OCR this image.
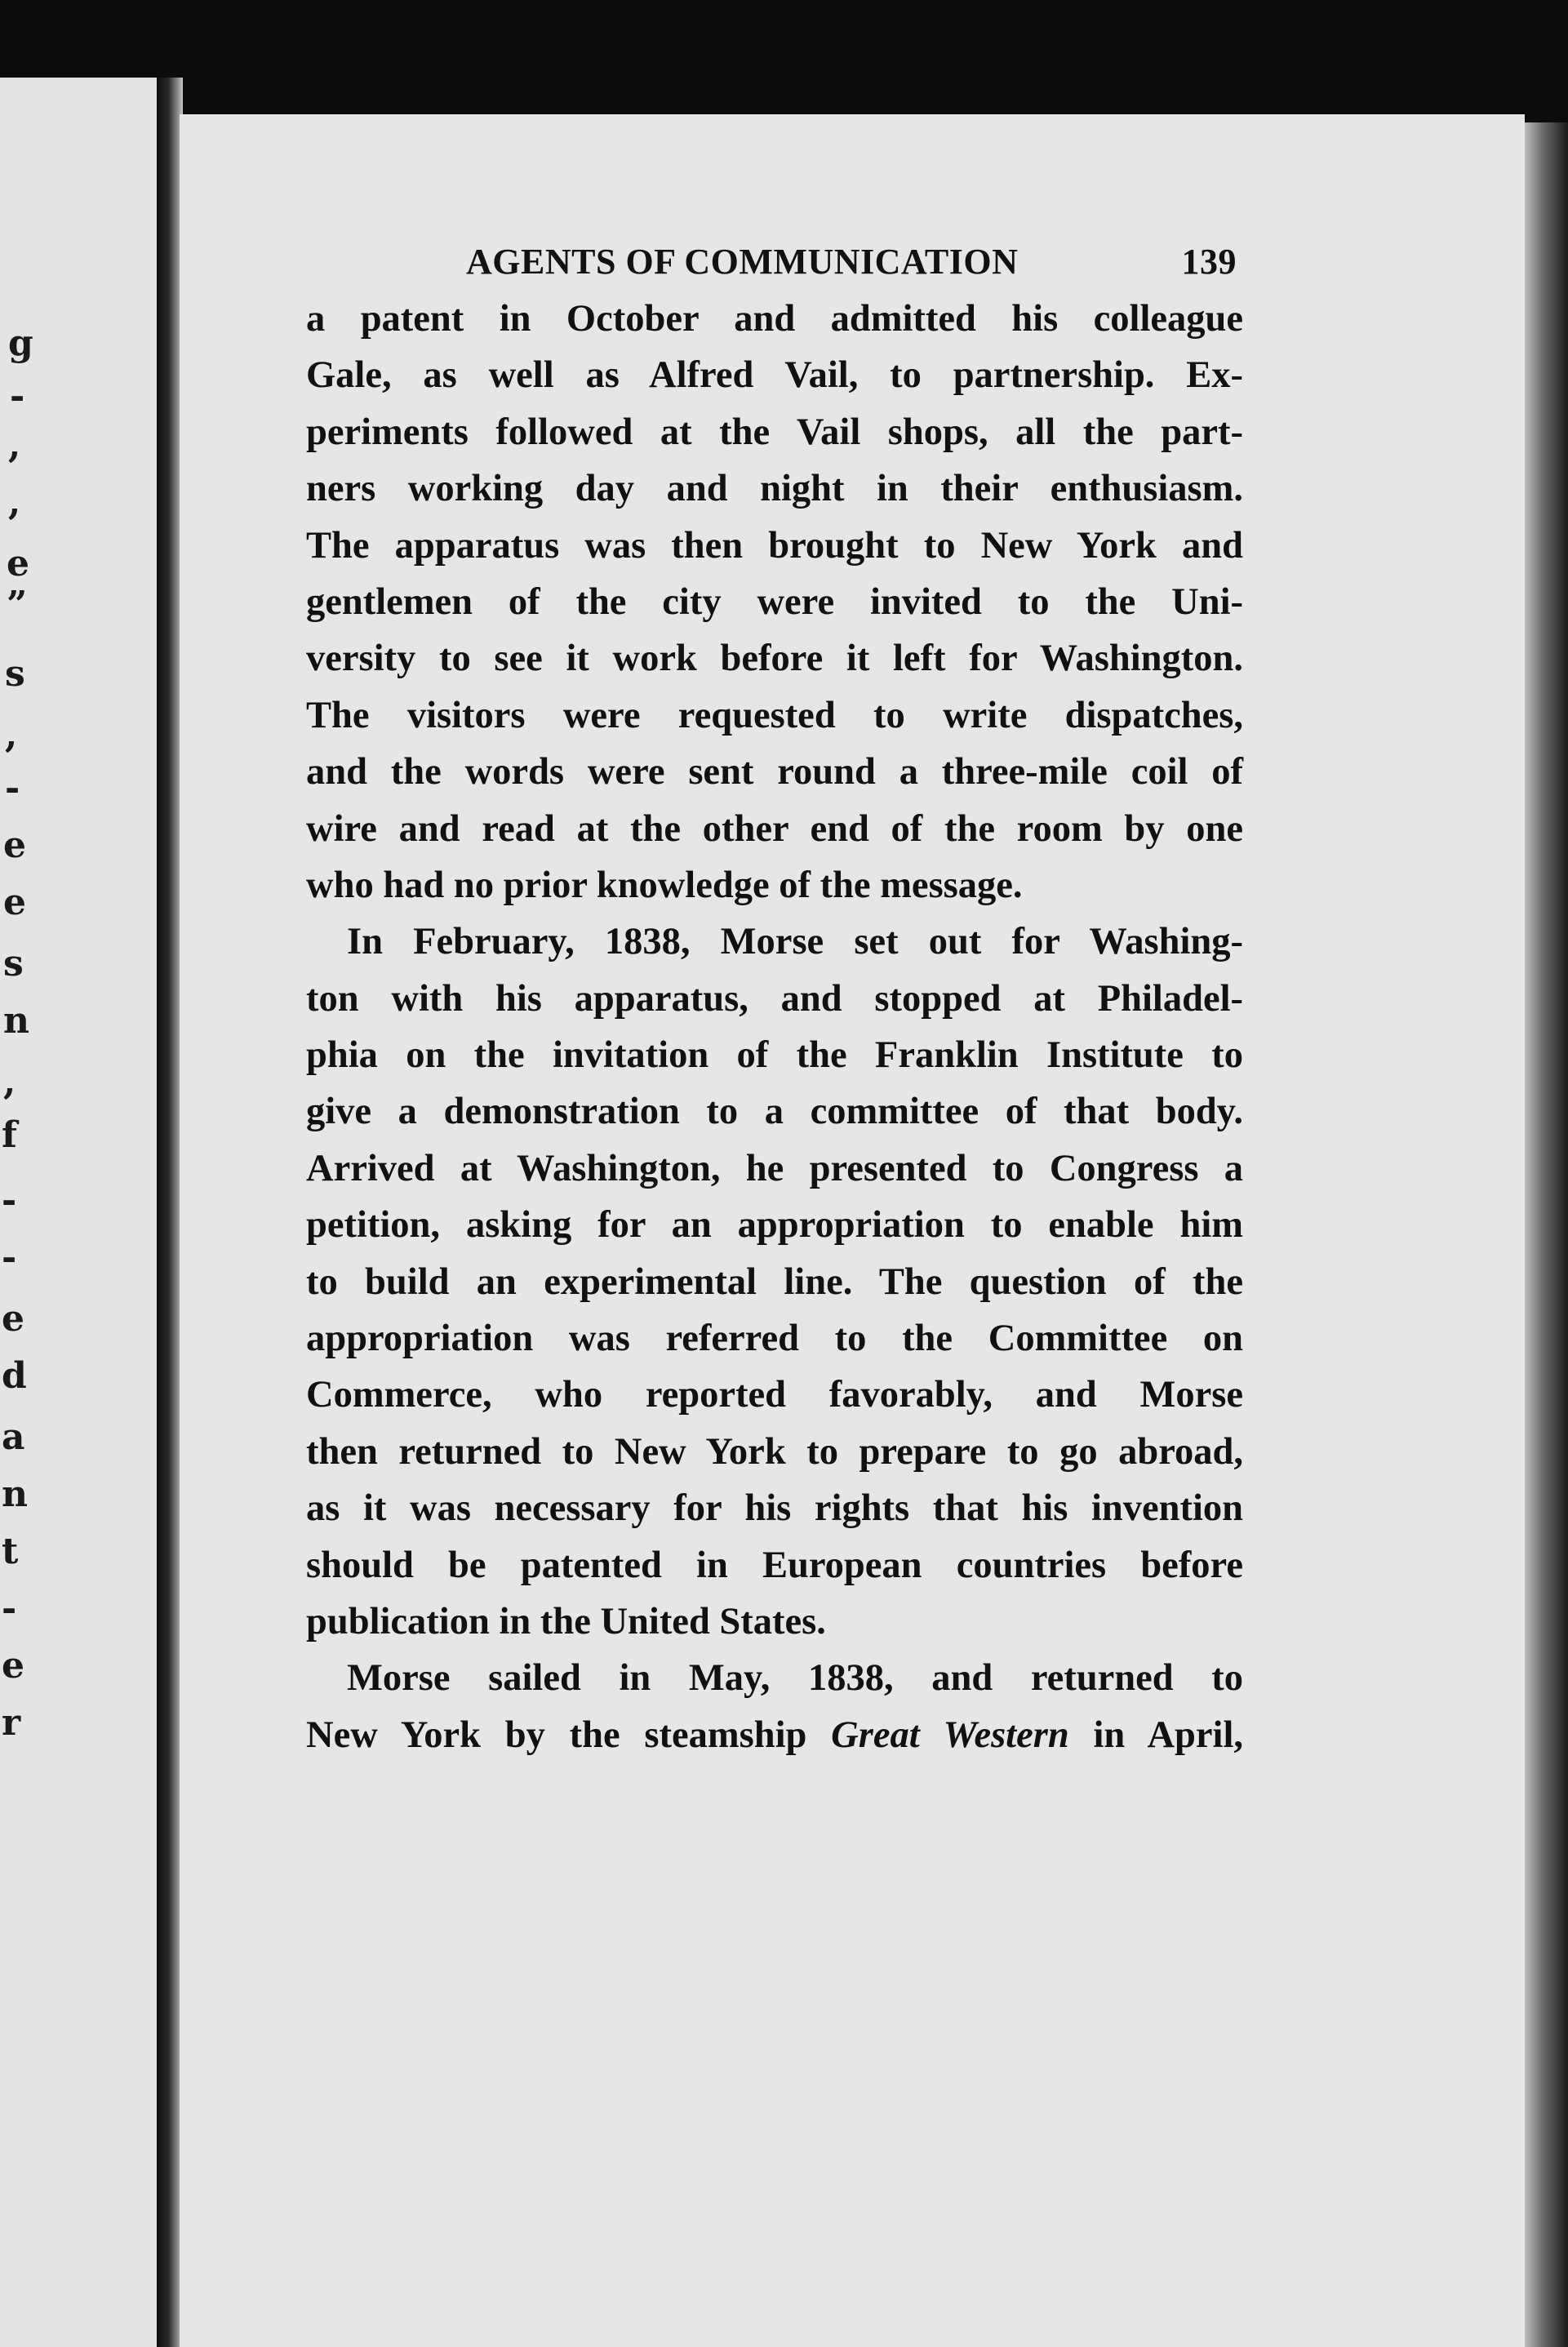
g
-
,
,
e
”
s
,
-
e
e
s
n
,
f
-
-
e
d
a
n
t
-
e
r
AGENTS OF COMMUNICATION	139
a patent in October and admitted his colleague
Gale, as well as Alfred Vail, to partnership. Ex-
periments followed at the Vail shops, all the part-
ners working day and night in their enthusiasm.
The apparatus was then brought to New York and
gentlemen of the city were invited to the Uni-
versity to see it work before it left for Washington.
The visitors were requested to write dispatches,
and the words were sent round a three-mile coil of
wire and read at the other end of the room by one
who had no prior knowledge of the message.
In February, 1838, Morse set out for Washing-
ton with his apparatus, and stopped at Philadel-
phia on the invitation of the Franklin Institute to
give a demonstration to a committee of that body.
Arrived at Washington, he presented to Congress a
petition, asking for an appropriation to enable him
to build an experimental line. The question of the
appropriation was referred to the Committee on
Commerce, who reported favorably, and Morse
then returned to New York to prepare to go abroad,
as it was necessary for his rights that his invention
should be patented in European countries before
publication in the United States.
Morse sailed in May, 1838, and returned to
New York by the steamship Great Western in April,
